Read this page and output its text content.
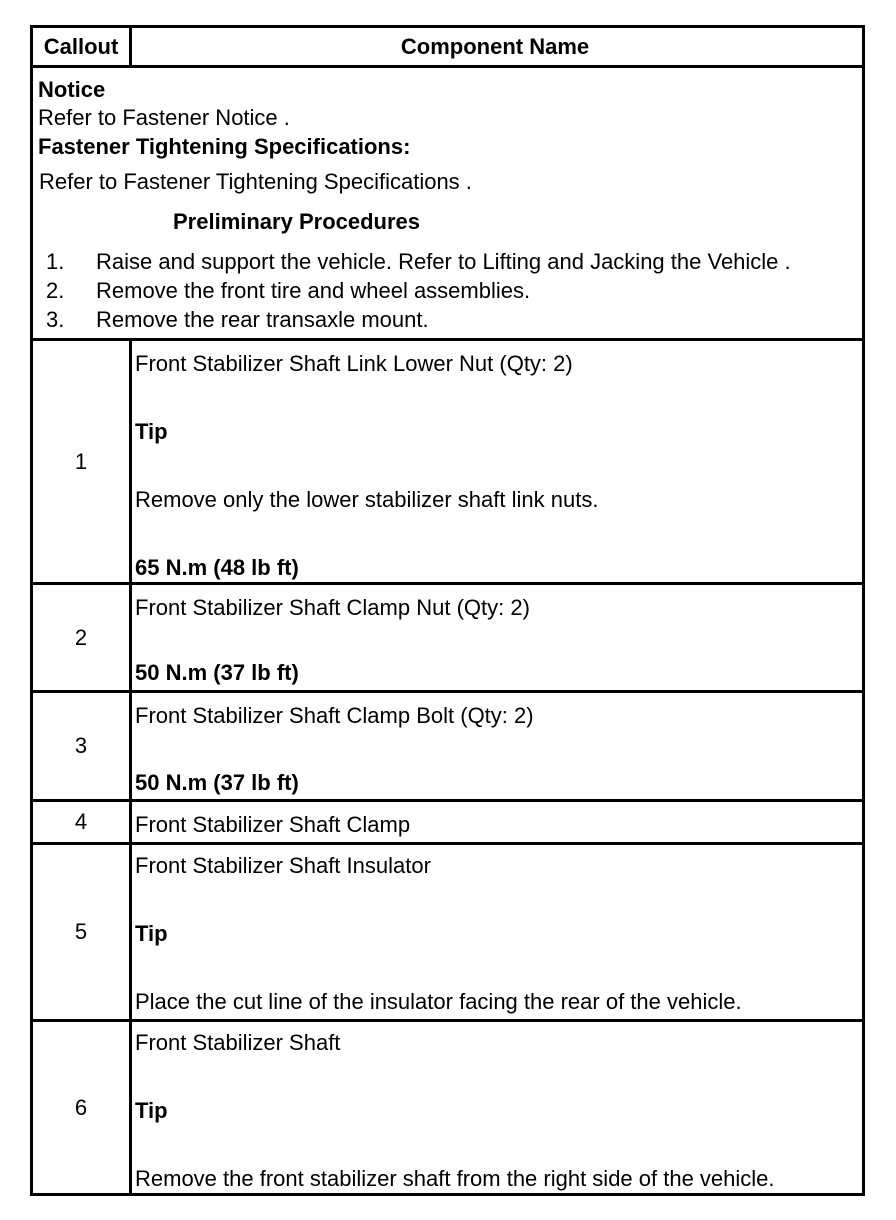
Callout	Component Name
Notice
Refer to Fastener Notice .
Fastener Tightening Specifications:
Refer to Fastener Tightening Specifications .
Preliminary Procedures
1. Raise and support the vehicle. Refer to Lifting and Jacking the Vehicle .
2. Remove the front tire and wheel assemblies.
3. Remove the rear transaxle mount.
1
Front Stabilizer Shaft Link Lower Nut (Qty: 2)
Tip
Remove only the lower stabilizer shaft link nuts.
65 N.m (48 lb ft)
2
Front Stabilizer Shaft Clamp Nut (Qty: 2)
50 N.m (37 lb ft)
3
Front Stabilizer Shaft Clamp Bolt (Qty: 2)
50 N.m (37 lb ft)
4	Front Stabilizer Shaft Clamp
5
Front Stabilizer Shaft Insulator
Tip
Place the cut line of the insulator facing the rear of the vehicle.
6
Front Stabilizer Shaft
Tip
Remove the front stabilizer shaft from the right side of the vehicle.
